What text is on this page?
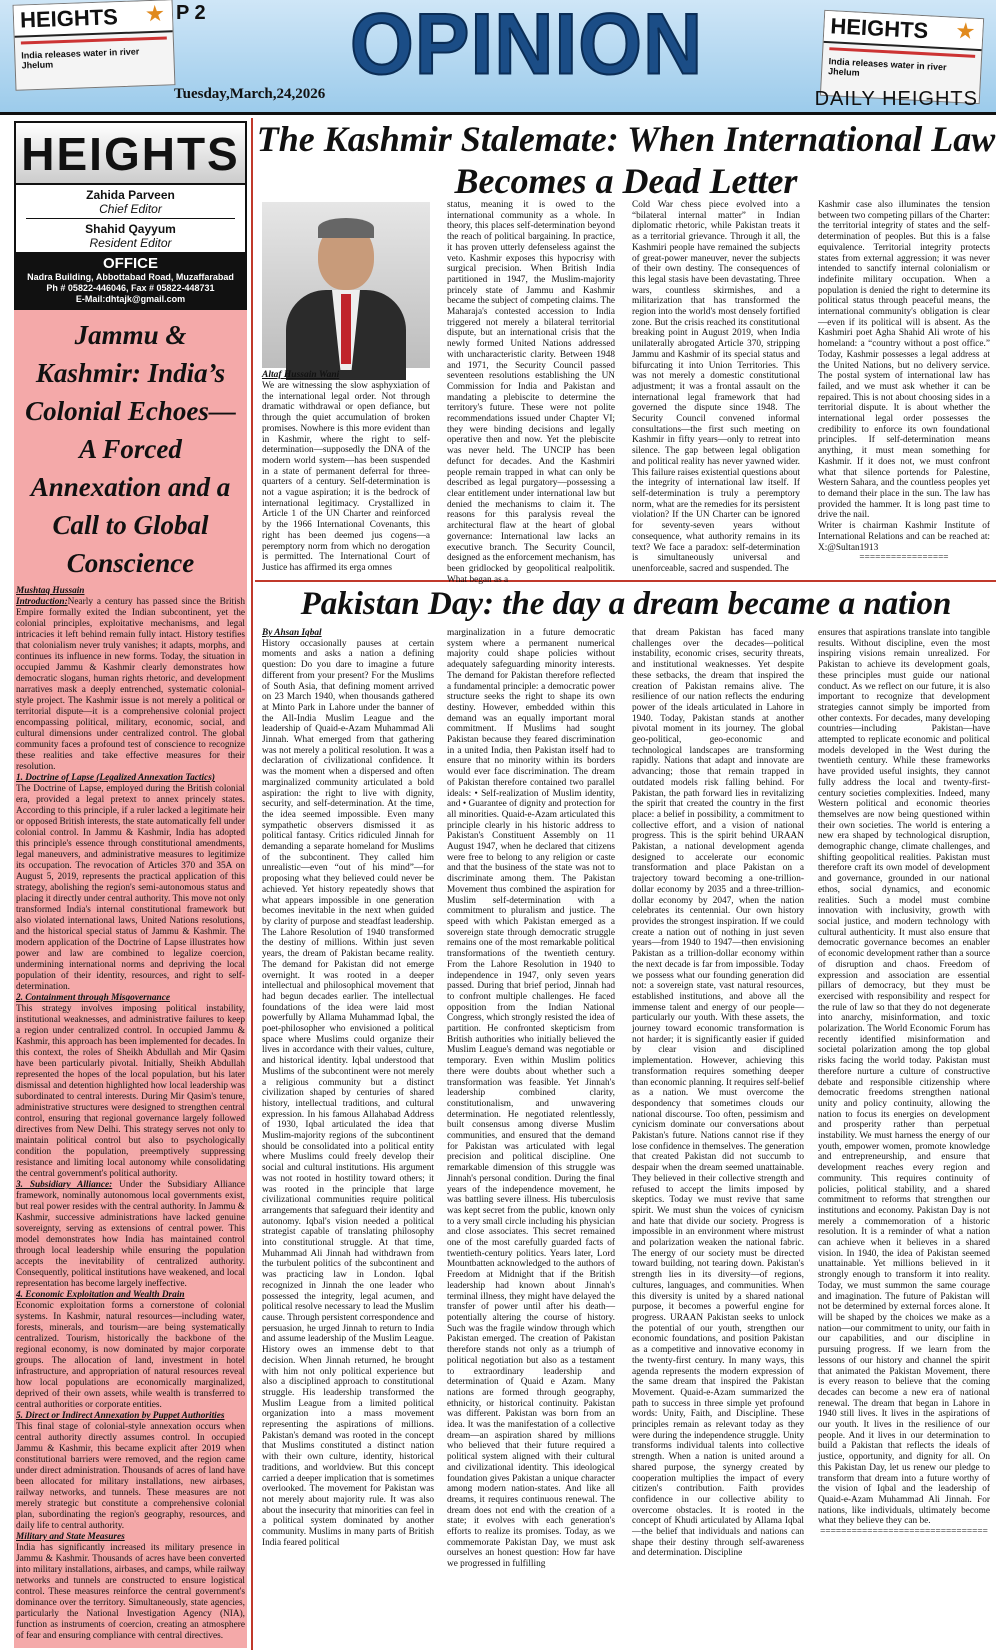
HEIGHTS
India releases water in river Jhelum
P 2 OPINION
Tuesday,March,24,2026
HEIGHTS
India releases water in river Jhelum
DAILY HEIGHTS
HEIGHTS
Zahida Parveen
Chief Editor
Shahid Qayyum
Resident Editor
OFFICE
Nadra Building, Abbottabad Road, Muzaffarabad
Ph # 05822-446046, Fax # 05822-448731
E-Mail:dhtajk@gmail.com
Jammu & Kashmir: India’s Colonial Echoes—A Forced Annexation and a Call to Global Conscience

Mushtaq Hussain

Introduction:Nearly a century has passed since the British Empire formally exited the Indian subcontinent, yet the colonial principles, exploitative mechanisms, and legal intricacies it left behind remain fully intact. History testifies that colonialism never truly vanishes; it adapts, morphs, and continues its influence in new forms. Today, the situation in occupied Jammu & Kashmir clearly demonstrates how democratic slogans, human rights rhetoric, and development narratives mask a deeply entrenched, systematic colonial-style project. The Kashmir issue is not merely a political or territorial dispute—it is a comprehensive colonial project encompassing political, military, economic, social, and cultural dimensions under centralized control. The global community faces a profound test of conscience to recognize these realities and take effective measures for their resolution.

1. Doctrine of Lapse (Legalized Annexation Tactics)

The Doctrine of Lapse, employed during the British colonial era, provided a legal pretext to annex princely states. According to this principle, if a ruler lacked a legitimate heir or opposed British interests, the state automatically fell under colonial control. In Jammu & Kashmir, India has adopted this principle's essence through constitutional amendments, legal maneuvers, and administrative measures to legitimize its occupation. The revocation of Articles 370 and 35A on August 5, 2019, represents the practical application of this strategy, abolishing the region's semi-autonomous status and placing it directly under central authority. This move not only transformed India's internal constitutional framework but also violated international laws, United Nations resolutions, and the historical special status of Jammu & Kashmir. The modern application of the Doctrine of Lapse illustrates how power and law are combined to legalize coercion, undermining international norms and depriving the local population of their identity, resources, and right to self-determination.

2. Containment through Misgovernance

This strategy involves imposing political instability, institutional weaknesses, and administrative failures to keep a region under centralized control. In occupied Jammu & Kashmir, this approach has been implemented for decades. In this context, the roles of Sheikh Abdullah and Mir Qasim have been particularly pivotal. Initially, Sheikh Abdullah represented the hopes of the local population, but his later dismissal and detention highlighted how local leadership was subordinated to central interests. During Mir Qasim's tenure, administrative structures were designed to strengthen central control, ensuring that regional governance largely followed directives from New Delhi. This strategy serves not only to maintain political control but also to psychologically condition the population, preemptively suppressing resistance and limiting local autonomy while consolidating the central government's political authority.

3. Subsidiary Alliance: Under the Subsidiary Alliance framework, nominally autonomous local governments exist, but real power resides with the central authority. In Jammu & Kashmir, successive administrations have lacked genuine sovereignty, serving as extensions of central power. This model demonstrates how India has maintained control through local leadership while ensuring the population accepts the inevitability of centralized authority. Consequently, political institutions have weakened, and local representation has become largely ineffective.

4. Economic Exploitation and Wealth Drain

Economic exploitation forms a cornerstone of colonial systems. In Kashmir, natural resources—including water, forests, minerals, and tourism—are being systematically centralized. Tourism, historically the backbone of the regional economy, is now dominated by major corporate groups. The allocation of land, investment in hotel infrastructure, and appropriation of natural resources reveal how local populations are economically marginalized, deprived of their own assets, while wealth is transferred to central authorities or corporate entities.

5. Direct or Indirect Annexation by Puppet Authorities

This final stage of colonial-style annexation occurs when central authority directly assumes control. In occupied Jammu & Kashmir, this became explicit after 2019 when constitutional barriers were removed, and the region came under direct administration. Thousands of acres of land have been allocated for military installations, new airbases, railway networks, and tunnels. These measures are not merely strategic but constitute a comprehensive colonial plan, subordinating the region's geography, resources, and daily life to central authority.

Military and State Measures

India has significantly increased its military presence in Jammu & Kashmir. Thousands of acres have been converted into military installations, airbases, and camps, while railway networks and tunnels are constructed to ensure logistical control. These measures reinforce the central government's dominance over the territory. Simultaneously, state agencies, particularly the National Investigation Agency (NIA), function as instruments of coercion, creating an atmosphere of fear and ensuring compliance with central directives.

The Kashmir Stalemate: When International Law Becomes a Dead Letter
Altaf Hussain Wani
We are witnessing the slow asphyxiation of the international legal order. Not through dramatic withdrawal or open defiance, but through the quiet accumulation of broken promises. Nowhere is this more evident than in Kashmir, where the right to self-determination—supposedly the DNA of the modern world system—has been suspended in a state of permanent deferral for three-quarters of a century. Self-determination is not a vague aspiration; it is the bedrock of international legitimacy. Crystallized in Article 1 of the UN Charter and reinforced by the 1966 International Covenants, this right has been deemed jus cogens—a peremptory norm from which no derogation is permitted. The International Court of Justice has affirmed its erga omnes
status, meaning it is owed to the international community as a whole. In theory, this places self-determination beyond the reach of political bargaining. In practice, it has proven utterly defenseless against the veto. Kashmir exposes this hypocrisy with surgical precision. When British India partitioned in 1947, the Muslim-majority princely state of Jammu and Kashmir became the subject of competing claims. The Maharaja's contested accession to India triggered not merely a bilateral territorial dispute, but an international crisis that the newly formed United Nations addressed with uncharacteristic clarity. Between 1948 and 1971, the Security Council passed seventeen resolutions establishing the UN Commission for India and Pakistan and mandating a plebiscite to determine the territory's future. These were not polite recommendations issued under Chapter VI; they were binding decisions and legally operative then and now. Yet the plebiscite was never held. The UNCIP has been defunct for decades. And the Kashmiri people remain trapped in what can only be described as legal purgatory—possessing a clear entitlement under international law but denied the mechanisms to claim it. The reasons for this paralysis reveal the architectural flaw at the heart of global governance: International law lacks an executive branch. The Security Council, designed as the enforcement mechanism, has been gridlocked by geopolitical realpolitik. What began as a
Cold War chess piece evolved into a “bilateral internal matter” in Indian diplomatic rhetoric, while Pakistan treats it as a territorial grievance. Through it all, the Kashmiri people have remained the subjects of great-power maneuver, never the subjects of their own destiny. The consequences of this legal stasis have been devastating. Three wars, countless skirmishes, and a militarization that has transformed the region into the world's most densely fortified zone. But the crisis reached its constitutional breaking point in August 2019, when India unilaterally abrogated Article 370, stripping Jammu and Kashmir of its special status and bifurcating it into Union Territories. This was not merely a domestic constitutional adjustment; it was a frontal assault on the international legal framework that had governed the dispute since 1948. The Security Council convened informal consultations—the first such meeting on Kashmir in fifty years—only to retreat into silence. The gap between legal obligation and political reality has never yawned wider. This failure raises existential questions about the integrity of international law itself. If self-determination is truly a peremptory norm, what are the remedies for its persistent violation? If the UN Charter can be ignored for seventy-seven years without consequence, what authority remains in its text? We face a paradox: self-determination is simultaneously universal and unenforceable, sacred and suspended. The

Kashmir case also illuminates the tension between two competing pillars of the Charter: the territorial integrity of states and the self-determination of peoples. But this is a false equivalence. Territorial integrity protects states from external aggression; it was never intended to sanctify internal colonialism or indefinite military occupation. When a population is denied the right to determine its political status through peaceful means, the international community's obligation is clear—even if its political will is absent. As the Kashmiri poet Agha Shahid Ali wrote of his homeland: a “country without a post office.” Today, Kashmir possesses a legal address at the United Nations, but no delivery service. The postal system of international law has failed, and we must ask whether it can be repaired. This is not about choosing sides in a territorial dispute. It is about whether the international legal order possesses the credibility to enforce its own foundational principles. If self-determination means anything, it must mean something for Kashmir. If it does not, we must confront what that silence portends for Palestine, Western Sahara, and the countless peoples yet to demand their place in the sun. The law has provided the hammer. It is long past time to drive the nail.

Writer is chairman Kashmir Institute of International Relations and can be reached at: X:@Sultan1913

=================

Pakistan Day: the day a dream became a nation

By Ahsan Iqbal

History occasionally pauses at certain moments and asks a nation a defining question: Do you dare to imagine a future different from your present? For the Muslims of South Asia, that defining moment arrived on 23 March 1940, when thousands gathered at Minto Park in Lahore under the banner of the All-India Muslim League and the leadership of Quaid-e-Azam Muhammad Ali Jinnah. What emerged from that gathering was not merely a political resolution. It was a declaration of civilizational confidence. It was the moment when a dispersed and often marginalized community articulated a bold aspiration: the right to live with dignity, security, and self-determination. At the time, the idea seemed impossible. Even many sympathetic observers dismissed it as political fantasy. Critics ridiculed Jinnah for demanding a separate homeland for Muslims of the subcontinent. They called him unrealistic—even “out of his mind”—for proposing what they believed could never be achieved. Yet history repeatedly shows that what appears impossible in one generation becomes inevitable in the next when guided by clarity of purpose and steadfast leadership. The Lahore Resolution of 1940 transformed the destiny of millions. Within just seven years, the dream of Pakistan became reality. The demand for Pakistan did not emerge overnight. It was rooted in a deeper intellectual and philosophical movement that had begun decades earlier. The intellectual foundations of the idea were laid most powerfully by Allama Muhammad Iqbal, the poet-philosopher who envisioned a political space where Muslims could organize their lives in accordance with their values, culture, and historical identity. Iqbal understood that Muslims of the subcontinent were not merely a religious community but a distinct civilization shaped by centuries of shared history, intellectual traditions, and cultural expression. In his famous Allahabad Address of 1930, Iqbal articulated the idea that Muslim-majority regions of the subcontinent should be consolidated into a political entity where Muslims could freely develop their social and cultural institutions. His argument was not rooted in hostility toward others; it was rooted in the principle that large civilizational communities require political arrangements that safeguard their identity and autonomy. Iqbal's vision needed a political strategist capable of translating philosophy into constitutional struggle. At that time, Muhammad Ali Jinnah had withdrawn from the turbulent politics of the subcontinent and was practicing law in London. Iqbal recognized in Jinnah the one leader who possessed the integrity, legal acumen, and political resolve necessary to lead the Muslim cause. Through persistent correspondence and persuasion, he urged Jinnah to return to India and assume leadership of the Muslim League. History owes an immense debt to that decision. When Jinnah returned, he brought with him not only political experience but also a disciplined approach to constitutional struggle. His leadership transformed the Muslim League from a limited political organization into a mass movement representing the aspirations of millions. Pakistan's demand was rooted in the concept that Muslims constituted a distinct nation with their own culture, identity, historical traditions, and worldview. But this concept carried a deeper implication that is sometimes overlooked. The movement for Pakistan was not merely about majority rule. It was also about the insecurity that minorities can feel in a political system dominated by another community. Muslims in many parts of British India feared political

marginalization in a future democratic system where a permanent numerical majority could shape policies without adequately safeguarding minority interests. The demand for Pakistan therefore reflected a fundamental principle: a democratic power structure seeks the right to shape its own destiny. However, embedded within this demand was an equally important moral commitment. If Muslims had sought Pakistan because they feared discrimination in a united India, then Pakistan itself had to ensure that no minority within its borders would ever face discrimination. The dream of Pakistan therefore contained two parallel ideals: • Self-realization of Muslim identity, and • Guarantee of dignity and protection for all minorities. Quaid-e-Azam articulated this principle clearly in his historic address to Pakistan's Constituent Assembly on 11 August 1947, when he declared that citizens were free to belong to any religion or caste and that the business of the state was not to discriminate among them. The Pakistan Movement thus combined the aspiration for Muslim self-determination with a commitment to pluralism and justice. The speed with which Pakistan emerged as a sovereign state through democratic struggle remains one of the most remarkable political transformations of the twentieth century. From the Lahore Resolution in 1940 to independence in 1947, only seven years passed. During that brief period, Jinnah had to confront multiple challenges. He faced opposition from the Indian National Congress, which strongly resisted the idea of partition. He confronted skepticism from British authorities who initially believed the Muslim League's demand was negotiable or temporary. Even within Muslim politics there were doubts about whether such a transformation was feasible. Yet Jinnah's leadership combined clarity, constitutionalism, and unwavering determination. He negotiated relentlessly, built consensus among diverse Muslim communities, and ensured that the demand for Pakistan was articulated with legal precision and political discipline. One remarkable dimension of this struggle was Jinnah's personal condition. During the final years of the independence movement, he was battling severe illness. His tuberculosis was kept secret from the public, known only to a very small circle including his physician and close associates. This secret remained one of the most carefully guarded facts of twentieth-century politics. Years later, Lord Mountbatten acknowledged to the authors of Freedom at Midnight that if the British leadership had known about Jinnah's terminal illness, they might have delayed the transfer of power until after his death—potentially altering the course of history. Such was the fragile window through which Pakistan emerged. The creation of Pakistan therefore stands not only as a triumph of political negotiation but also as a testament to extraordinary leadership and determination of Quaid e Azam. Many nations are formed through geography, ethnicity, or historical continuity. Pakistan was different. Pakistan was born from an idea. It was the manifestation of a collective dream—an aspiration shared by millions who believed that their future required a political system aligned with their cultural and civilizational identity. This ideological foundation gives Pakistan a unique character among modern nation-states. And like all dreams, it requires continuous renewal. The dream does not end with the creation of a state; it evolves with each generation's efforts to realize its promises. Today, as we commemorate Pakistan Day, we must ask ourselves an honest question: How far have we progressed in fulfilling
that dream Pakistan has faced many challenges over the decades—political instability, economic crises, security threats, and institutional weaknesses. Yet despite these setbacks, the dream that inspired the creation of Pakistan remains alive. The resilience of our nation reflects the enduring power of the ideals articulated in Lahore in 1940. Today, Pakistan stands at another pivotal moment in its journey. The global geo-political, geo-economic and technological landscapes are transforming rapidly. Nations that adapt and innovate are advancing; those that remain trapped in outdated models risk falling behind. For Pakistan, the path forward lies in revitalizing the spirit that created the country in the first place: a belief in possibility, a commitment to collective effort, and a vision of national progress. This is the spirit behind URAAN Pakistan, a national development agenda designed to accelerate our economic transformation and place Pakistan on a trajectory toward becoming a one-trillion-dollar economy by 2035 and a three-trillion-dollar economy by 2047, when the nation celebrates its centennial. Our own history provides the strongest inspiration. If we could create a nation out of nothing in just seven years—from 1940 to 1947—then envisioning Pakistan as a trillion-dollar economy within the next decade is far from impossible. Today we possess what our founding generation did not: a sovereign state, vast natural resources, established institutions, and above all the immense talent and energy of our people—particularly our youth. With these assets, the journey toward economic transformation is not harder; it is significantly easier if guided by clear vision and disciplined implementation. However, achieving this transformation requires something deeper than economic planning. It requires self-belief as a nation. We must overcome the despondency that sometimes clouds our national discourse. Too often, pessimism and cynicism dominate our conversations about Pakistan's future. Nations cannot rise if they lose confidence in themselves. The generation that created Pakistan did not succumb to despair when the dream seemed unattainable. They believed in their collective strength and refused to accept the limits imposed by skeptics. Today we must revive that same spirit. We must shun the voices of cynicism and hate that divide our society. Progress is impossible in an environment where mistrust and polarization weaken the national fabric. The energy of our society must be directed toward building, not tearing down. Pakistan's strength lies in its diversity—of regions, cultures, languages, and communities. When this diversity is united by a shared national purpose, it becomes a powerful engine for progress. URAAN Pakistan seeks to unlock the potential of our youth, strengthen our economic foundations, and position Pakistan as a competitive and innovative economy in the twenty-first century. In many ways, this agenda represents the modern expression of the same dream that inspired the Pakistan Movement. Quaid-e-Azam summarized the path to success in three simple yet profound words: Unity, Faith, and Discipline. These principles remain as relevant today as they were during the independence struggle. Unity transforms individual talents into collective strength. When a nation is united around a shared purpose, the synergy created by cooperation multiplies the impact of every citizen's contribution. Faith provides confidence in our collective ability to overcome obstacles. It is rooted in the concept of Khudi articulated by Allama Iqbal—the belief that individuals and nations can shape their destiny through self-awareness and determination. Discipline

ensures that aspirations translate into tangible results. Without discipline, even the most inspiring visions remain unrealized. For Pakistan to achieve its development goals, these principles must guide our national conduct. As we reflect on our future, it is also important to recognize that development strategies cannot simply be imported from other contexts. For decades, many developing countries—including Pakistan—have attempted to replicate economic and political models developed in the West during the twentieth century. While these frameworks have provided useful insights, they cannot fully address the local and twenty-first-century societies complexities. Indeed, many Western political and economic theories themselves are now being questioned within their own societies. The world is entering a new era shaped by technological disruption, demographic change, climate challenges, and shifting geopolitical realities. Pakistan must therefore craft its own model of development and governance, grounded in our national ethos, social dynamics, and economic realities. Such a model must combine innovation with inclusivity, growth with social justice, and modern technology with cultural authenticity. It must also ensure that democratic governance becomes an enabler of economic development rather than a source of disruption and chaos. Freedom of expression and association are essential pillars of democracy, but they must be exercised with responsibility and respect for the rule of law so that they do not degenerate into anarchy, misinformation, and toxic polarization. The World Economic Forum has recently identified misinformation and societal polarization among the top global risks facing the world today. Pakistan must therefore nurture a culture of constructive debate and responsible citizenship where democratic freedoms strengthen national unity and policy continuity, allowing the nation to focus its energies on development and prosperity rather than perpetual instability. We must harness the energy of our youth, empower women, promote knowledge and entrepreneurship, and ensure that development reaches every region and community. This requires continuity of policies, political stability, and a shared commitment to reforms that strengthen our institutions and economy. Pakistan Day is not merely a commemoration of a historic resolution. It is a reminder of what a nation can achieve when it believes in a shared vision. In 1940, the idea of Pakistan seemed unattainable. Yet millions believed in it strongly enough to transform it into reality. Today, we must summon the same courage and imagination. The future of Pakistan will not be determined by external forces alone. It will be shaped by the choices we make as a nation—our commitment to unity, our faith in our capabilities, and our discipline in pursuing progress. If we learn from the lessons of our history and channel the spirit that animated the Pakistan Movement, there is every reason to believe that the coming decades can become a new era of national renewal. The dream that began in Lahore in 1940 still lives. It lives in the aspirations of our youth. It lives in the resilience of our people. And it lives in our determination to build a Pakistan that reflects the ideals of justice, opportunity, and dignity for all. On this Pakistan Day, let us renew our pledge to transform that dream into a future worthy of the vision of Iqbal and the leadership of Quaid-e-Azam Muhammad Ali Jinnah. For nations, like individuals, ultimately become what they believe they can be.

================================
